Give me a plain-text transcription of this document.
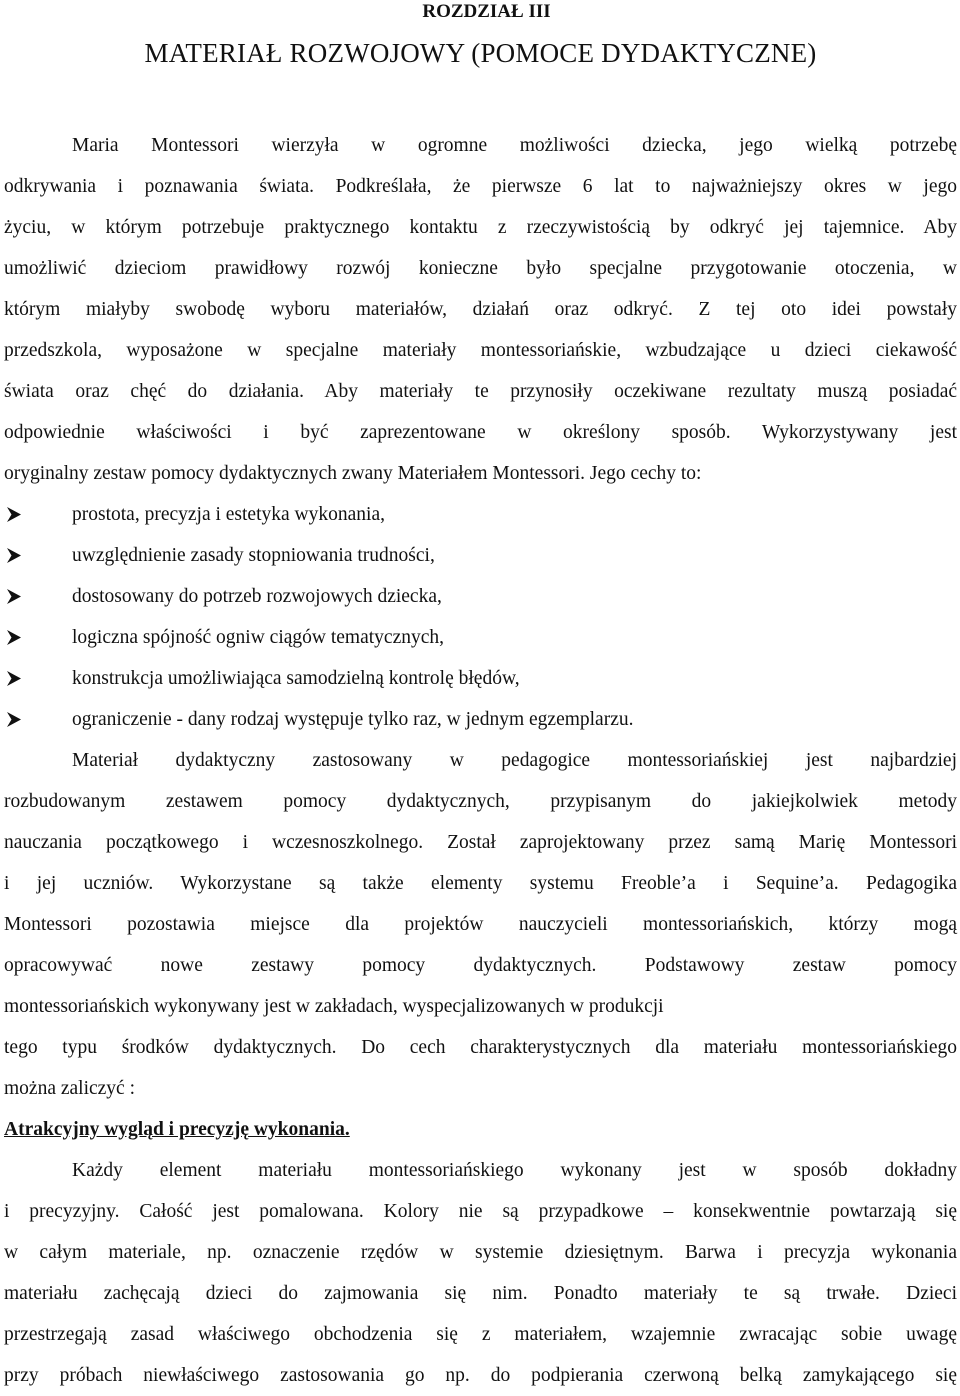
ROZDZIAŁ III
MATERIAŁ ROZWOJOWY (POMOCE DYDAKTYCZNE)
Maria Montessori wierzyła w ogromne możliwości dziecka, jego wielką potrzebę
odkrywania i poznawania świata. Podkreślała, że pierwsze 6 lat to najważniejszy okres w jego
życiu, w którym potrzebuje praktycznego kontaktu z rzeczywistością by odkryć jej tajemnice. Aby
umożliwić dzieciom prawidłowy rozwój konieczne było specjalne przygotowanie otoczenia, w
którym miałyby swobodę wyboru materiałów, działań oraz odkryć. Z tej oto idei powstały
przedszkola, wyposażone w specjalne materiały montessoriańskie, wzbudzające u dzieci ciekawość
świata oraz chęć do działania. Aby materiały te przynosiły oczekiwane rezultaty muszą posiadać
odpowiednie właściwości i być zaprezentowane w określony sposób. Wykorzystywany jest
oryginalny zestaw pomocy dydaktycznych zwany Materiałem Montessori. Jego cechy to:
prostota, precyzja i estetyka wykonania,
uwzględnienie zasady stopniowania trudności,
dostosowany do potrzeb rozwojowych dziecka,
logiczna spójność ogniw ciągów tematycznych,
konstrukcja umożliwiająca samodzielną kontrolę błędów,
ograniczenie - dany rodzaj występuje tylko raz, w jednym egzemplarzu.
Materiał dydaktyczny zastosowany w pedagogice montessoriańskiej jest najbardziej
rozbudowanym zestawem pomocy dydaktycznych, przypisanym do jakiejkolwiek metody
nauczania początkowego i wczesnoszkolnego. Został zaprojektowany przez samą Marię Montessori
i jej uczniów. Wykorzystane są także elementy systemu Freoble’a i Sequine’a. Pedagogika
Montessori pozostawia miejsce dla projektów nauczycieli montessoriańskich, którzy mogą
opracowywać nowe zestawy pomocy dydaktycznych. Podstawowy zestaw pomocy
montessoriańskich wykonywany jest w zakładach, wyspecjalizowanych w produkcji
tego typu środków dydaktycznych. Do cech charakterystycznych dla materiału montessoriańskiego
można zaliczyć :
Atrakcyjny wygląd i precyzję wykonania.
Każdy element materiału montessoriańskiego wykonany jest w sposób dokładny
i precyzyjny. Całość jest pomalowana. Kolory nie są przypadkowe – konsekwentnie powtarzają się
w całym materiale, np. oznaczenie rzędów w systemie dziesiętnym. Barwa i precyzja wykonania
materiału zachęcają dzieci do zajmowania się nim. Ponadto materiały te są trwałe. Dzieci
przestrzegają zasad właściwego obchodzenia się z materiałem, wzajemnie zwracając sobie uwagę
przy próbach niewłaściwego zastosowania go np. do podpierania czerwoną belką zamykającego się
